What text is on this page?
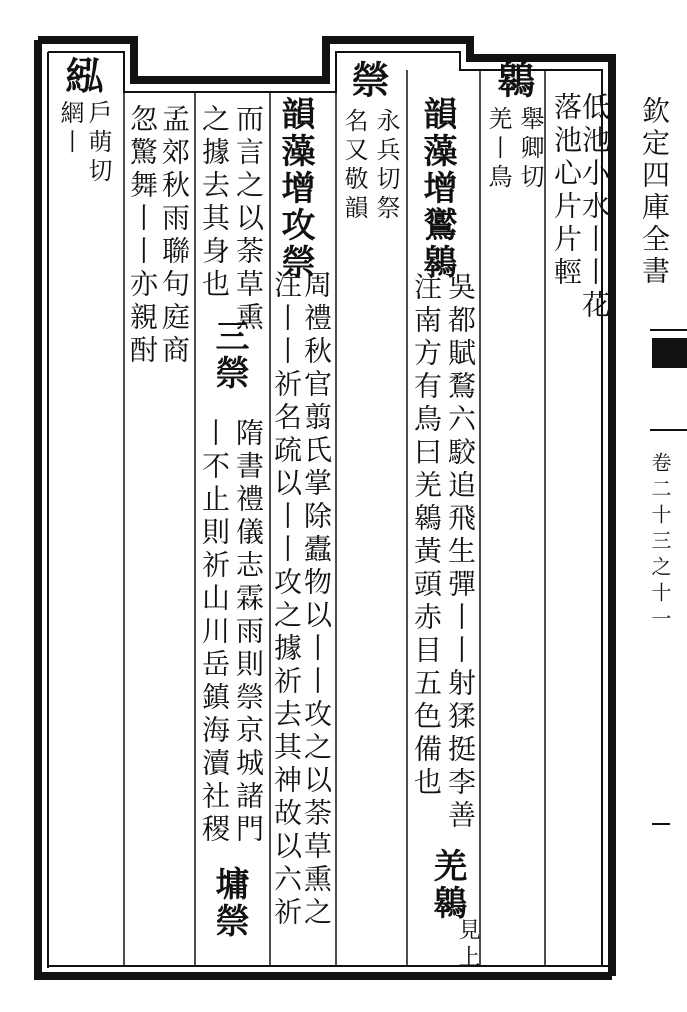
紭
戶萌切
網丨	孟郊秋雨聯句庭商
忽驚舞丨丨亦親酎	而言之以荼草熏
之據去其身也
三禜
隋書禮儀志霖雨則禜京城諸門
丨不止則祈山川岳鎮海瀆社稷
墉禜
韻藻增攻禜
周禮秋官翦氏掌除蠹物以丨丨攻之以荼草熏之
注丨丨祈名疏以丨丨攻之據祈去其神故以六祈
禜
永兵切祭
名又敬韻 韻藻增鸑鷎
吳都賦鶩六駮追飛生彈丨丨射猱挺李善
注南方有鳥曰羌鷎黃頭赤目五色備也
羌鷎
見上
鷎
舉卿切
羌丨鳥 落池心片片輕
低池小水丨丨花 欽定四庫全書
卷二十三之十一
